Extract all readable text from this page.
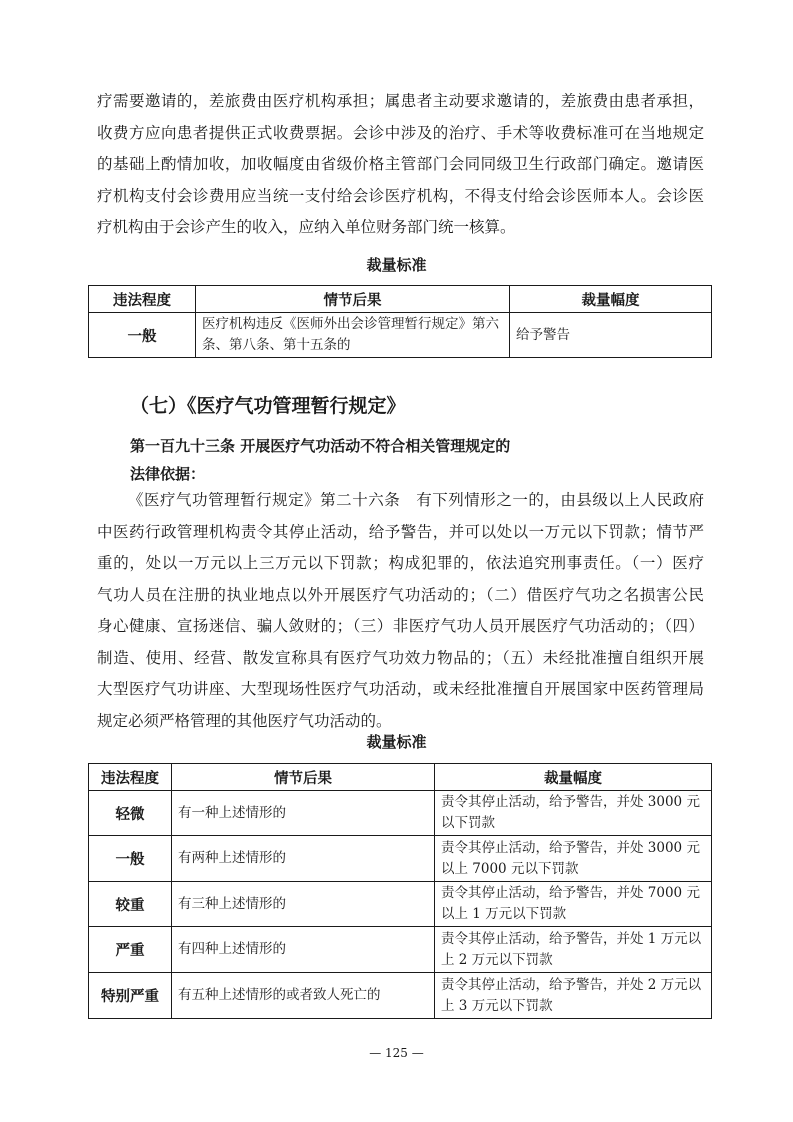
疗需要邀请的，差旅费由医疗机构承担；属患者主动要求邀请的，差旅费由患者承担，
收费方应向患者提供正式收费票据。会诊中涉及的治疗、手术等收费标准可在当地规定
的基础上酌情加收，加收幅度由省级价格主管部门会同同级卫生行政部门确定。邀请医
疗机构支付会诊费用应当统一支付给会诊医疗机构，不得支付给会诊医师本人。会诊医
疗机构由于会诊产生的收入，应纳入单位财务部门统一核算。

裁量标准

违法程度	情节后果	裁量幅度
一般	医疗机构违反《医师外出会诊管理暂行规定》第六条、第八条、第十五条的	给予警告

（七）《医疗气功管理暂行规定》

第一百九十三条 开展医疗气功活动不符合相关管理规定的

法律依据：

《医疗气功管理暂行规定》第二十六条　有下列情形之一的，由县级以上人民政府
中医药行政管理机构责令其停止活动，给予警告，并可以处以一万元以下罚款；情节严
重的，处以一万元以上三万元以下罚款；构成犯罪的，依法追究刑事责任。（一）医疗
气功人员在注册的执业地点以外开展医疗气功活动的；（二）借医疗气功之名损害公民
身心健康、宣扬迷信、骗人敛财的；（三）非医疗气功人员开展医疗气功活动的；（四）
制造、使用、经营、散发宣称具有医疗气功效力物品的；（五）未经批准擅自组织开展
大型医疗气功讲座、大型现场性医疗气功活动，或未经批准擅自开展国家中医药管理局
规定必须严格管理的其他医疗气功活动的。

裁量标准

违法程度	情节后果	裁量幅度
轻微	有一种上述情形的	责令其停止活动，给予警告，并处 3000 元以下罚款
一般	有两种上述情形的	责令其停止活动，给予警告，并处 3000 元以上 7000 元以下罚款
较重	有三种上述情形的	责令其停止活动，给予警告，并处 7000 元以上 1 万元以下罚款
严重	有四种上述情形的	责令其停止活动，给予警告，并处 1 万元以上 2 万元以下罚款
特别严重	有五种上述情形的或者致人死亡的	责令其停止活动，给予警告，并处 2 万元以上 3 万元以下罚款

— 125 —
